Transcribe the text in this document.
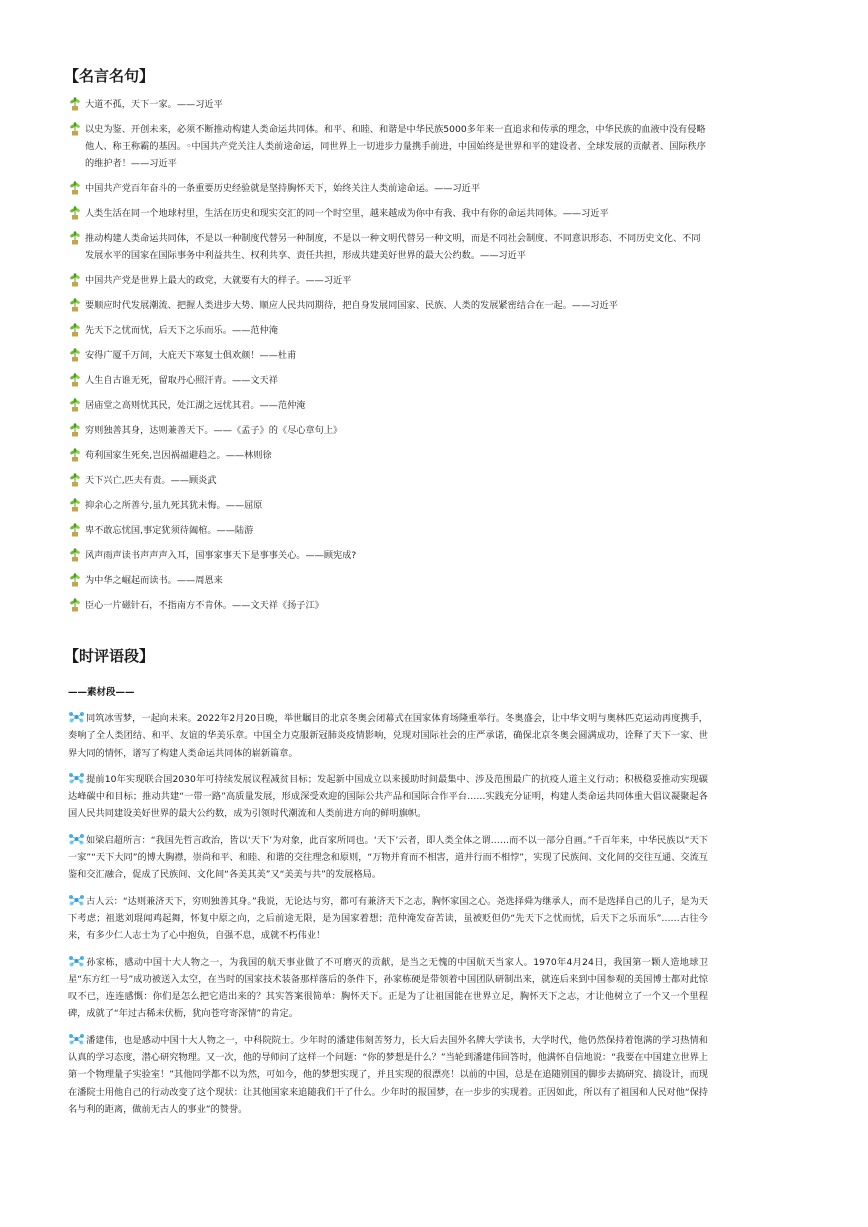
【名言名句】
大道不孤，天下一家。——习近平
以史为鉴、开创未来，必须不断推动构建人类命运共同体。和平、和睦、和谐是中华民族5000多年来一直追求和传承的理念，中华民族的血液中没有侵略他人、称王称霸的基因。◦中国共产党关注人类前途命运，同世界上一切进步力量携手前进，中国始终是世界和平的建设者、全球发展的贡献者、国际秩序的维护者！——习近平
中国共产党百年奋斗的一条重要历史经验就是坚持胸怀天下，始终关注人类前途命运。——习近平
人类生活在同一个地球村里，生活在历史和现实交汇的同一个时空里，越来越成为你中有我、我中有你的命运共同体。——习近平
推动构建人类命运共同体，不是以一种制度代替另一种制度，不是以一种文明代替另一种文明，而是不同社会制度、不同意识形态、不同历史文化、不同发展水平的国家在国际事务中利益共生、权利共享、责任共担，形成共建美好世界的最大公约数。——习近平
中国共产党是世界上最大的政党，大就要有大的样子。——习近平
要顺应时代发展潮流、把握人类进步大势、顺应人民共同期待，把自身发展同国家、民族、人类的发展紧密结合在一起。——习近平
先天下之忧而忧，后天下之乐而乐。——范仲淹
安得广厦千万间，大庇天下寒复士俱欢颜！——杜甫
人生自古谁无死，留取丹心照汗青。——文天祥
居庙堂之高则忧其民，处江湖之远忧其君。——范仲淹
穷则独善其身，达则兼善天下。——《孟子》的《尽心章句上》
苟利国家生死矣,岂因祸福避趋之。——林则徐
天下兴亡,匹夫有责。——顾炎武
抑余心之所善兮,虽九死其犹未悔。——屈原
卑不敢忘忧国,事定犹须待阖棺。——陆游
风声雨声读书声声声入耳，国事家事天下是事事关心。——顾宪成?
为中华之崛起而读书。——周恩来
臣心一片磁针石，不指南方不肯休。——文天祥《扬子江》
【时评语段】
——素材段——
同筑冰雪梦，一起向未来。2022年2月20日晚，举世瞩目的北京冬奥会闭幕式在国家体育场隆重举行。冬奥盛会，让中华文明与奥林匹克运动再度携手，奏响了全人类团结、和平、友谊的华美乐章。中国全力克服新冠肺炎疫情影响，兑现对国际社会的庄严承诺，确保北京冬奥会圆满成功，诠释了天下一家、世界大同的情怀，谱写了构建人类命运共同体的崭新篇章。
提前10年实现联合国2030年可持续发展议程减贫目标；发起新中国成立以来援助时间最集中、涉及范围最广的抗疫人道主义行动；积极稳妥推动实现碳达峰碳中和目标；推动共建“一带一路”高质量发展，形成深受欢迎的国际公共产品和国际合作平台……实践充分证明，构建人类命运共同体重大倡议凝聚起各国人民共同建设美好世界的最大公约数，成为引领时代潮流和人类前进方向的鲜明旗帜。
如梁启超所言：“我国先哲言政治，皆以‘天下’为对象，此百家所同也。‘天下’云者，即人类全体之谓……而不以一部分自画。”千百年来，中华民族以“天下一家”“天下大同”的博大胸襟，崇尚和平、和睦、和谐的交往理念和原则，“万物并育而不相害，道并行而不相悖”，实现了民族间、文化间的交往互通、交流互鉴和交汇融合，促成了民族间、文化间“各美其美”又“美美与共”的发展格局。
古人云：“达则兼济天下，穷则独善其身。”我说，无论达与穷，都可有兼济天下之志，胸怀家国之心。尧选择舜为继承人，而不是选择自己的儿子，是为天下考虑；祖逖刘琨闻鸡起舞，怀复中原之向，之后前途无限，是为国家着想；范仲淹发奋苦读，虽被贬但仍“先天下之忧而忧，后天下之乐而乐”……古往今来，有多少仁人志士为了心中抱负，自强不息，成就不朽伟业！
孙家栋，感动中国十大人物之一，为我国的航天事业做了不可磨灭的贡献，是当之无愧的中国航天当家人。1970年4月24日，我国第一颗人造地球卫星“东方红一号”成功被送入太空，在当时的国家技术装备那样落后的条件下，孙家栋硬是带领着中国团队研制出来，就连后来到中国参观的美国博士都对此惊叹不已，连连感慨：你们是怎么把它造出来的？其实答案很简单：胸怀天下。正是为了让祖国能在世界立足，胸怀天下之志，才让他树立了一个又一个里程碑，成就了“年过古稀未伏枥，犹向苍穹寄深情”的肯定。
潘建伟，也是感动中国十大人物之一，中科院院士。少年时的潘建伟刻苦努力，长大后去国外名牌大学读书，大学时代，他仍然保持着饱满的学习热情和认真的学习态度，潜心研究物理。又一次，他的导师问了这样一个问题：“你的梦想是什么？”当轮到潘建伟回答时，他满怀自信地说：“我要在中国建立世界上第一个物理量子实验室！”其他同学都不以为然，可如今，他的梦想实现了，并且实现的很漂亮！以前的中国，总是在追随别国的脚步去搞研究、搞设计，而现在潘院士用他自己的行动改变了这个现状：让其他国家来追随我们干了什么。少年时的报国梦，在一步步的实现着。正因如此，所以有了祖国和人民对他“保持名与利的距离，做前无古人的事业”的赞誉。
